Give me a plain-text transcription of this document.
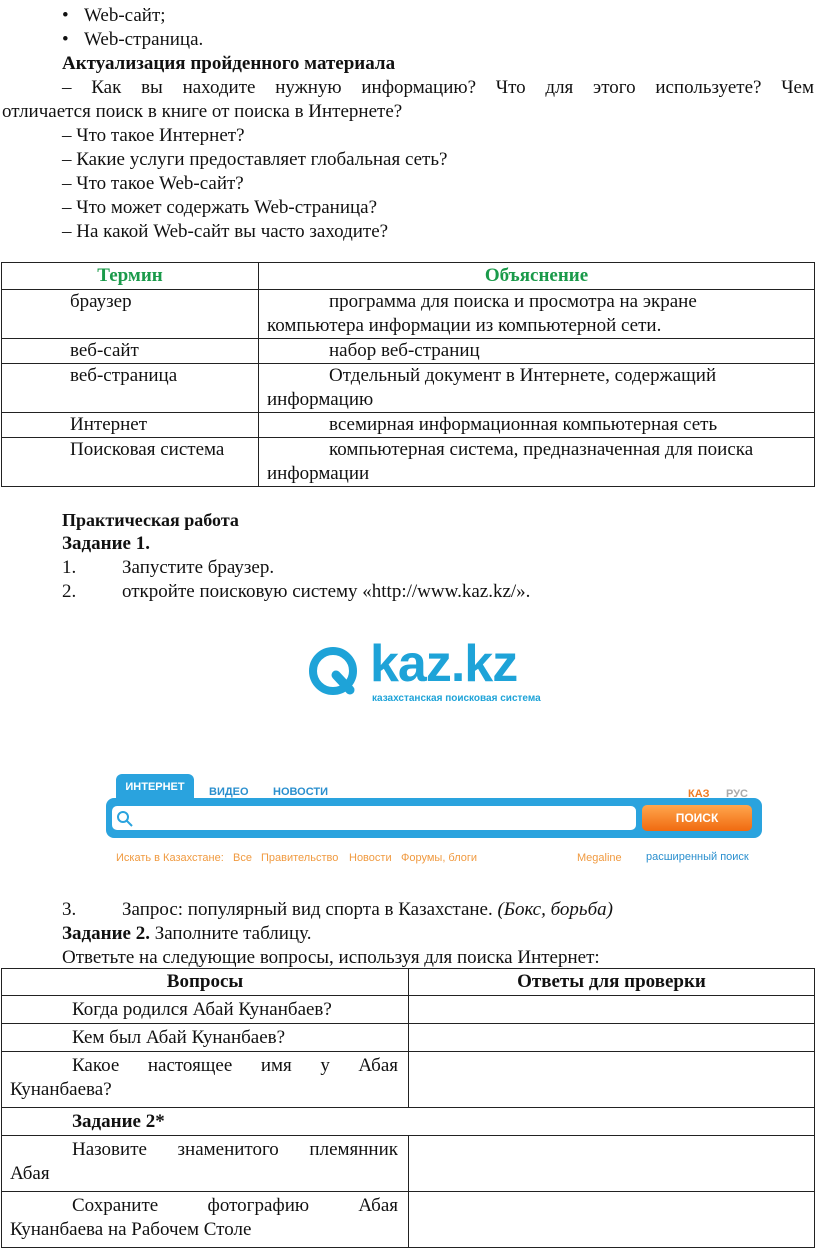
• Web-сайт;
• Web-страница.
Актуализация пройденного материала
– Как вы находите нужную информацию? Что для этого используете? Чем
отличается поиск в книге от поиска в Интернете?
– Что такое Интернет?
– Какие услуги предоставляет глобальная сеть?
– Что такое Web-сайт?
– Что может содержать Web-страница?
– На какой Web-сайт вы часто заходите?
Термин	Объяснение
браузер	программа для поиска и просмотра на экране
компьютера информации из компьютерной сети.

веб-сайт	набор веб-страниц

веб-страница	Отдельный документ в Интернете, содержащий
информацию

Интернет	всемирная информационная компьютерная сеть

Поисковая система	компьютерная система, предназначенная для поиска
информации
Практическая работа
Задание 1.
1. Запустите браузер.
2. откройте поисковую систему «http://www.kaz.kz/».
kaz.kz
казахстанская поисковая система
ИНТЕРНЕТ	ВИДЕО НОВОСТИ	КАЗ РУС
ПОИСК
Искать в Казахстане: Все Правительство Новости Форумы, блоги	Megaline расширенный поиск
3. Запрос: популярный вид спорта в Казахстане. (Бокс, борьба)
Задание 2. Заполните таблицу.
Ответьте на следующие вопросы, используя для поиска Интернет:
Вопросы	Ответы для проверки

Когда родился Абай Кунанбаев?	

Кем был Абай Кунанбаев?	

Какое настоящее имя у Абая
Кунанбаева?	

Задание 2*	

Назовите знаменитого племянник
Абая	

Сохраните фотографию Абая
Кунанбаева на Рабочем Столе	
